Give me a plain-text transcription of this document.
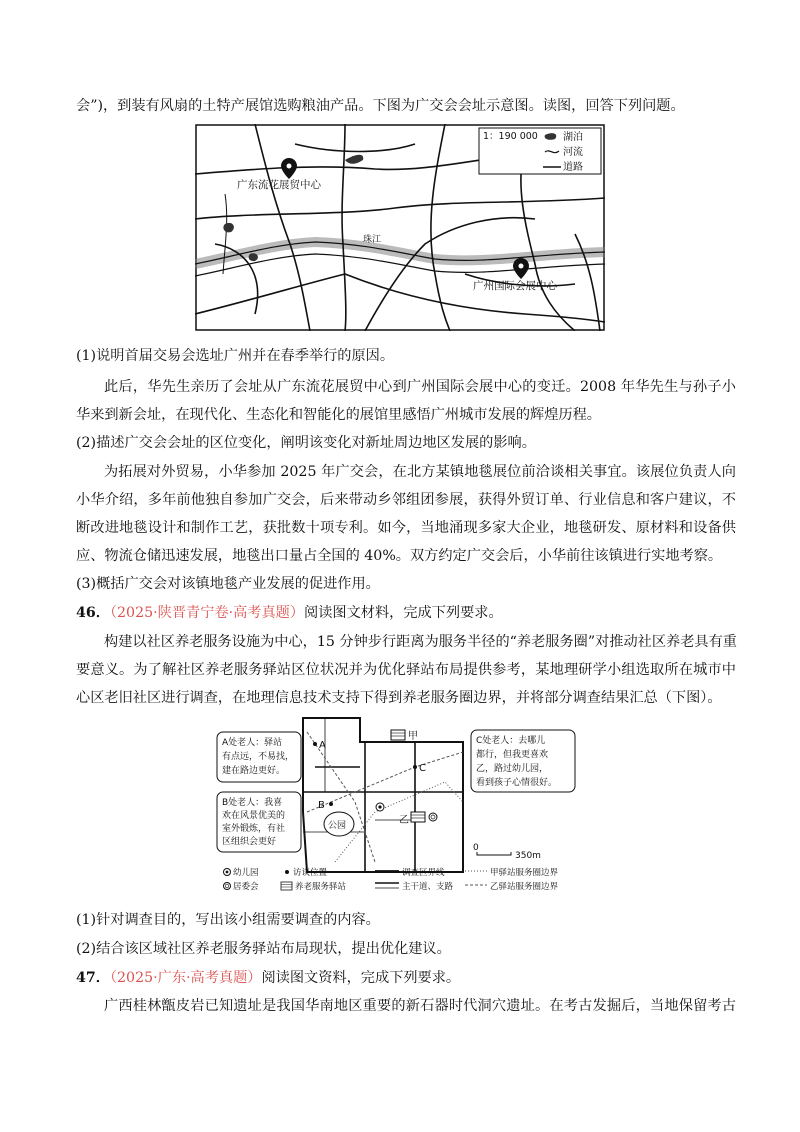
会”)，到装有风扇的土特产展馆选购粮油产品。下图为广交会会址示意图。读图，回答下列问题。
广东流花展贸中心
广州国际会展中心
珠江
1：190 000	湖泊
河流
道路
(1)说明首届交易会选址广州并在春季举行的原因。
此后，华先生亲历了会址从广东流花展贸中心到广州国际会展中心的变迁。2008 年华先生与孙子小
华来到新会址，在现代化、生态化和智能化的展馆里感悟广州城市发展的辉煌历程。
(2)描述广交会会址的区位变化，阐明该变化对新址周边地区发展的影响。
为拓展对外贸易，小华参加 2025 年广交会，在北方某镇地毯展位前洽谈相关事宜。该展位负责人向
小华介绍，多年前他独自参加广交会，后来带动乡邻组团参展，获得外贸订单、行业信息和客户建议，不
断改进地毯设计和制作工艺，获批数十项专利。如今，当地涌现多家大企业，地毯研发、原材料和设备供
应、物流仓储迅速发展，地毯出口量占全国的 40%。双方约定广交会后，小华前往该镇进行实地考察。
(3)概括广交会对该镇地毯产业发展的促进作用。
46．（2025·陕晋青宁卷·高考真题）阅读图文材料，完成下列要求。
构建以社区养老服务设施为中心，15 分钟步行距离为服务半径的“养老服务圈”对推动社区养老具有重
要意义。为了解社区养老服务驿站区位状况并为优化驿站布局提供参考，某地理研学小组选取所在城市中
心区老旧社区进行调查，在地理信息技术支持下得到养老服务圈边界，并将部分调查结果汇总（下图）。
公园
甲
乙
A
B
C
A处老人：驿站
有点远，不易找，
建在路边更好。
B处老人：我喜
欢在风景优美的
室外锻炼，有社
区组织会更好
C处老人：去哪儿
都行，但我更喜欢
乙，路过幼儿园，
看到孩子心情很好。
0
350m
幼儿园	访谈位置	调查区界线	甲驿站服务圈边界
居委会	养老服务驿站	主干道、支路	乙驿站服务圈边界
(1)针对调查目的，写出该小组需要调查的内容。
(2)结合该区域社区养老服务驿站布局现状，提出优化建议。
47．（2025·广东·高考真题）阅读图文资料，完成下列要求。
广西桂林甑皮岩已知遗址是我国华南地区重要的新石器时代洞穴遗址。在考古发掘后，当地保留考古
